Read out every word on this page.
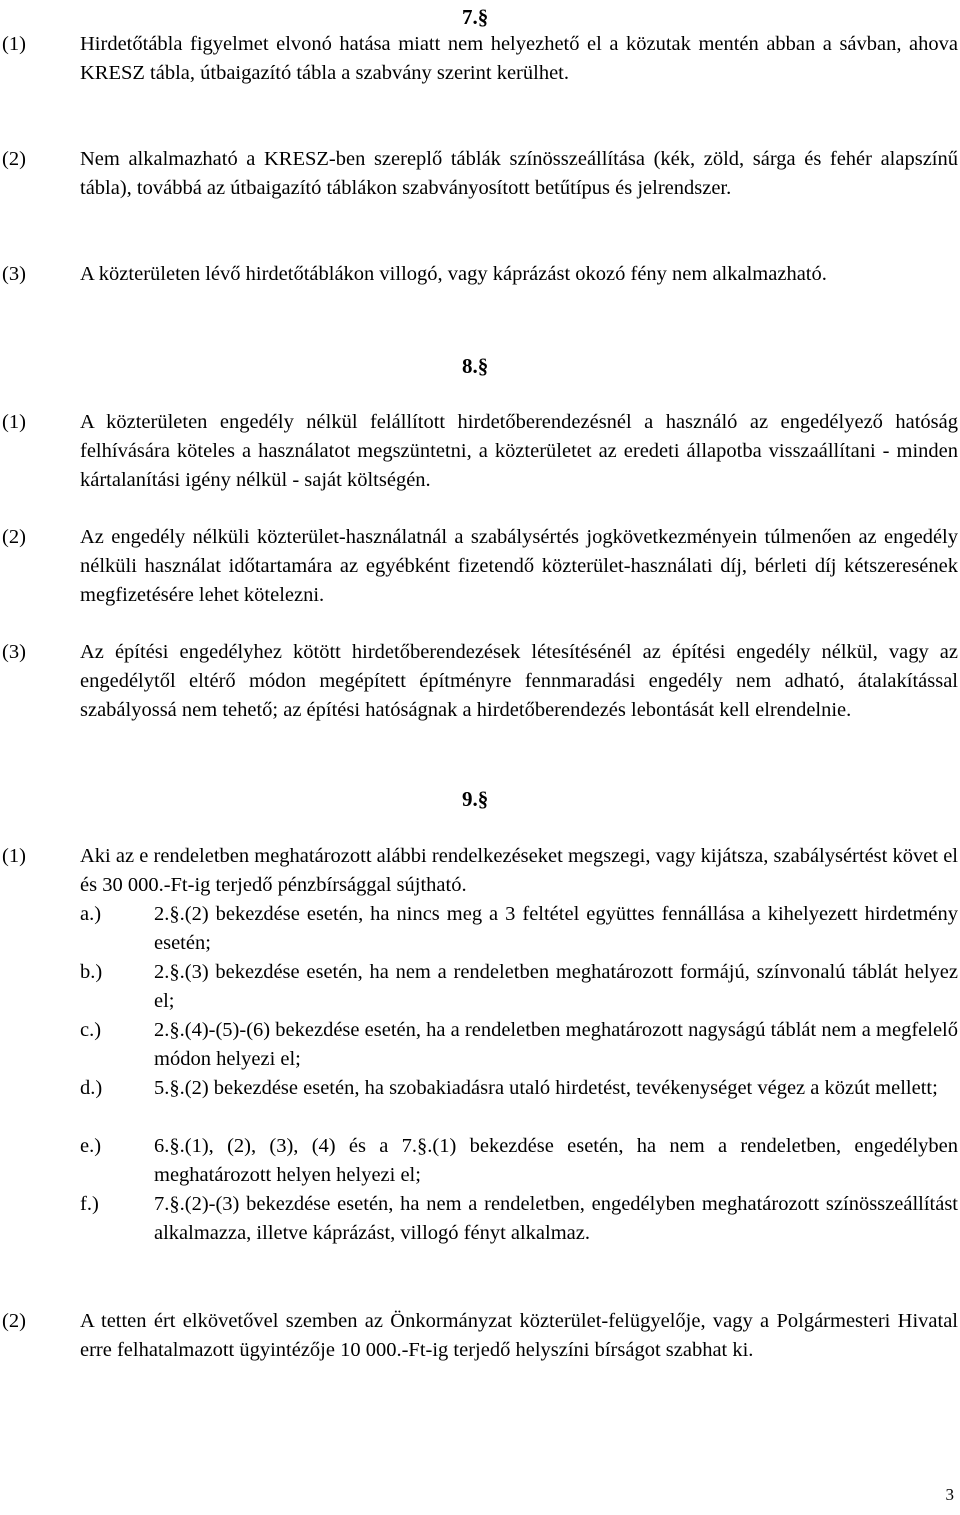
7.§
(1)	Hirdetőtábla figyelmet elvonó hatása miatt nem helyezhető el a közutak mentén abban a sávban, ahova KRESZ tábla, útbaigazító tábla a szabvány szerint kerülhet.
(2)	Nem alkalmazható a KRESZ-ben szereplő táblák színösszeállítása (kék, zöld, sárga és fehér alapszínű tábla), továbbá az útbaigazító táblákon szabványosított betűtípus és jelrendszer.
(3)	A közterületen lévő hirdetőtáblákon villogó, vagy káprázást okozó fény nem alkalmazható.
8.§
(1)	A közterületen engedély nélkül felállított hirdetőberendezésnél a használó az engedélyező hatóság felhívására köteles a használatot megszüntetni, a közterületet az eredeti állapotba visszaállítani - minden kártalanítási igény nélkül - saját költségén.
(2)	Az engedély nélküli közterület-használatnál a szabálysértés jogkövetkezményein túlmenően az engedély nélküli használat időtartamára az egyébként fizetendő közterület-használati díj, bérleti díj kétszeresének megfizetésére lehet kötelezni.
(3)	Az építési engedélyhez kötött hirdetőberendezések létesítésénél az építési engedély nélkül, vagy az engedélytől eltérő módon megépített építményre fennmaradási engedély nem adható, átalakítással szabályossá nem tehető; az építési hatóságnak a hirdetőberendezés lebontását kell elrendelnie.
9.§
(1)	Aki az e rendeletben meghatározott alábbi rendelkezéseket megszegi, vagy kijátsza, szabálysértést követ el és 30 000.-Ft-ig terjedő pénzbírsággal sújtható.
a.)	2.§.(2) bekezdése esetén, ha nincs meg a 3 feltétel együttes fennállása a kihelyezett hirdetmény esetén;
b.)	2.§.(3) bekezdése esetén, ha nem a rendeletben meghatározott formájú, színvonalú táblát helyez el;
c.)	2.§.(4)-(5)-(6) bekezdése esetén, ha a rendeletben meghatározott nagyságú táblát nem a megfelelő módon helyezi el;
d.)	5.§.(2) bekezdése esetén, ha szobakiadásra utaló hirdetést, tevékenységet végez a közút mellett;
e.)	6.§.(1), (2), (3), (4) és a 7.§.(1) bekezdése esetén, ha nem a rendeletben, engedélyben meghatározott helyen helyezi el;
f.)	7.§.(2)-(3) bekezdése esetén, ha nem a rendeletben, engedélyben meghatározott színösszeállítást alkalmazza, illetve káprázást, villogó fényt alkalmaz.
(2)	A tetten ért elkövetővel szemben az Önkormányzat közterület-felügyelője, vagy a Polgármesteri Hivatal erre felhatalmazott ügyintézője 10 000.-Ft-ig terjedő helyszíni bírságot szabhat ki.
3
